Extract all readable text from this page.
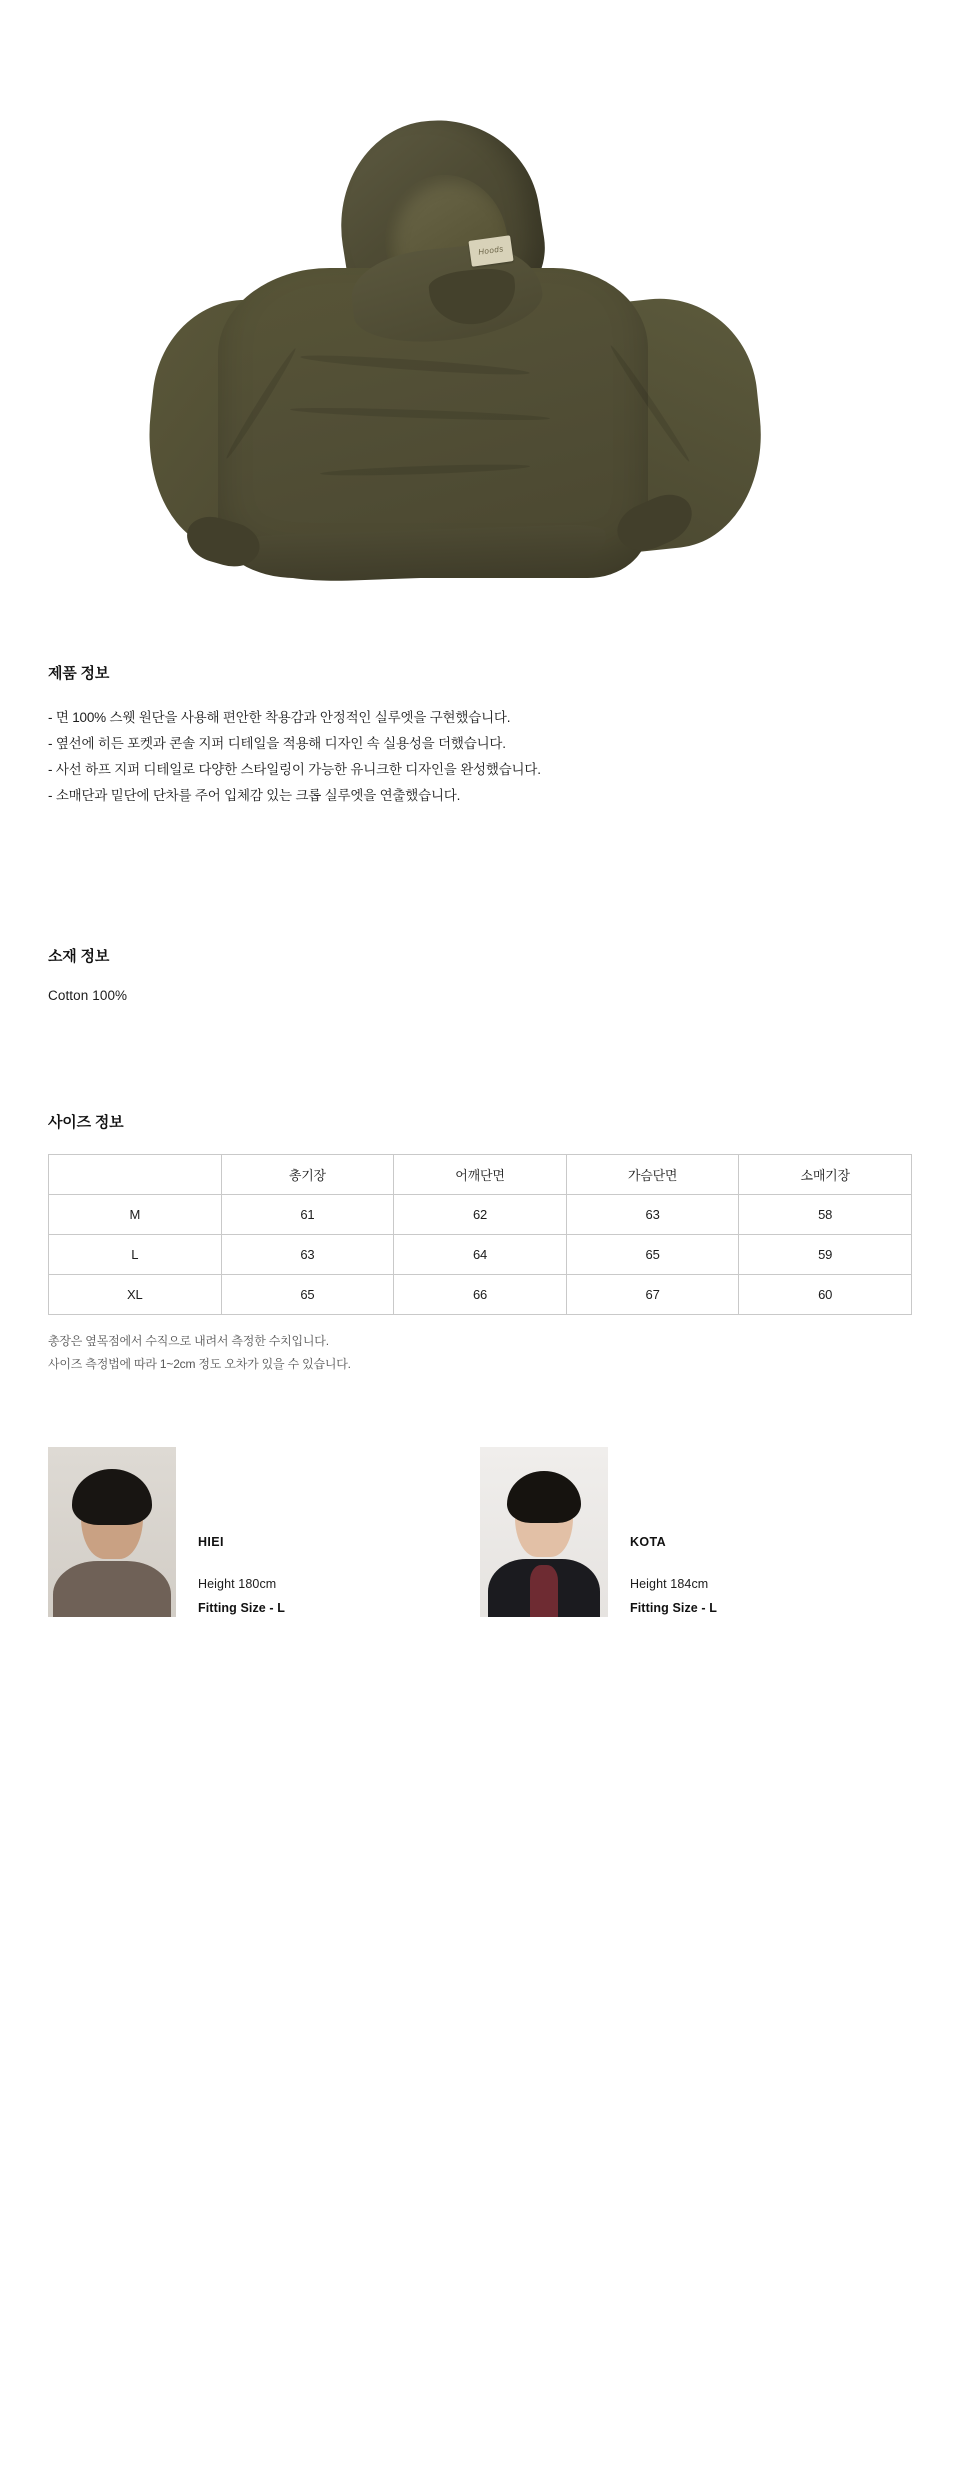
Hoods
제품 정보
- 면 100% 스웻 원단을 사용해 편안한 착용감과 안정적인 실루엣을 구현했습니다.
- 옆선에 히든 포켓과 콘솔 지퍼 디테일을 적용해 디자인 속 실용성을 더했습니다.
- 사선 하프 지퍼 디테일로 다양한 스타일링이 가능한 유니크한 디자인을 완성했습니다.
- 소매단과 밑단에 단차를 주어 입체감 있는 크롭 실루엣을 연출했습니다.
소재 정보
Cotton 100%
사이즈 정보
	총기장	어깨단면	가슴단면	소매기장
M	61	62	63	58
L	63	64	65	59
XL	65	66	67	60
총장은 옆목점에서 수직으로 내려서 측정한 수치입니다.
사이즈 측정법에 따라 1~2cm 정도 오차가 있을 수 있습니다.
HIEI
Height 180cm
Fitting Size - L
KOTA
Height 184cm
Fitting Size - L
